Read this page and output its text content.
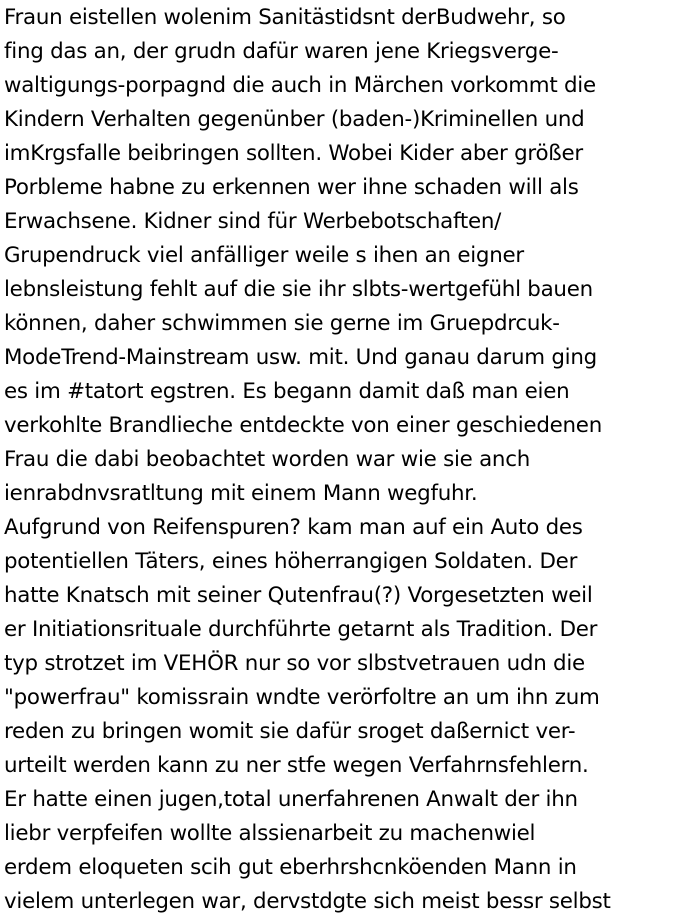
Fraun eistellen wolenim Sanitästidsnt derBudwehr, so
fing das an, der grudn dafür waren jene Kriegsverge-
waltigungs-porpagnd die auch in Märchen vorkommt die
Kindern Verhalten gegenünber (baden-)Kriminellen und
imKrgsfalle beibringen sollten. Wobei Kider aber größer
Porbleme habne zu erkennen wer ihne schaden will als
Erwachsene. Kidner sind für Werbebotschaften/
Grupendruck viel anfälliger weile s ihen an eigner
lebnsleistung fehlt auf die sie ihr slbts-wertgefühl bauen
können, daher schwimmen sie gerne im Gruepdrcuk-
ModeTrend-Mainstream usw. mit. Und ganau darum ging
es im #tatort egstren. Es begann damit daß man eien
verkohlte Brandlieche entdeckte von einer geschiedenen
Frau die dabi beobachtet worden war wie sie anch
ienrabdnvsratltung mit einem Mann wegfuhr.
Aufgrund von Reifenspuren? kam man auf ein Auto des
potentiellen Täters, eines höherrangigen Soldaten. Der
hatte Knatsch mit seiner Qutenfrau(?) Vorgesetzten weil
er Initiationsrituale durchführte getarnt als Tradition. Der
typ strotzet im VEHÖR nur so vor slbstvetrauen udn die
"powerfrau" komissrain wndte verörfoltre an um ihn zum
reden zu bringen womit sie dafür sroget daßernict ver-
urteilt werden kann zu ner stfe wegen Verfahrnsfehlern.
Er hatte einen jugen,total unerfahrenen Anwalt der ihn
liebr verpfeifen wollte alssienarbeit zu machenwiel
erdem eloqueten scih gut eberhrshcnköenden Mann in
vielem unterlegen war, dervstdgte sich meist bessr selbst
